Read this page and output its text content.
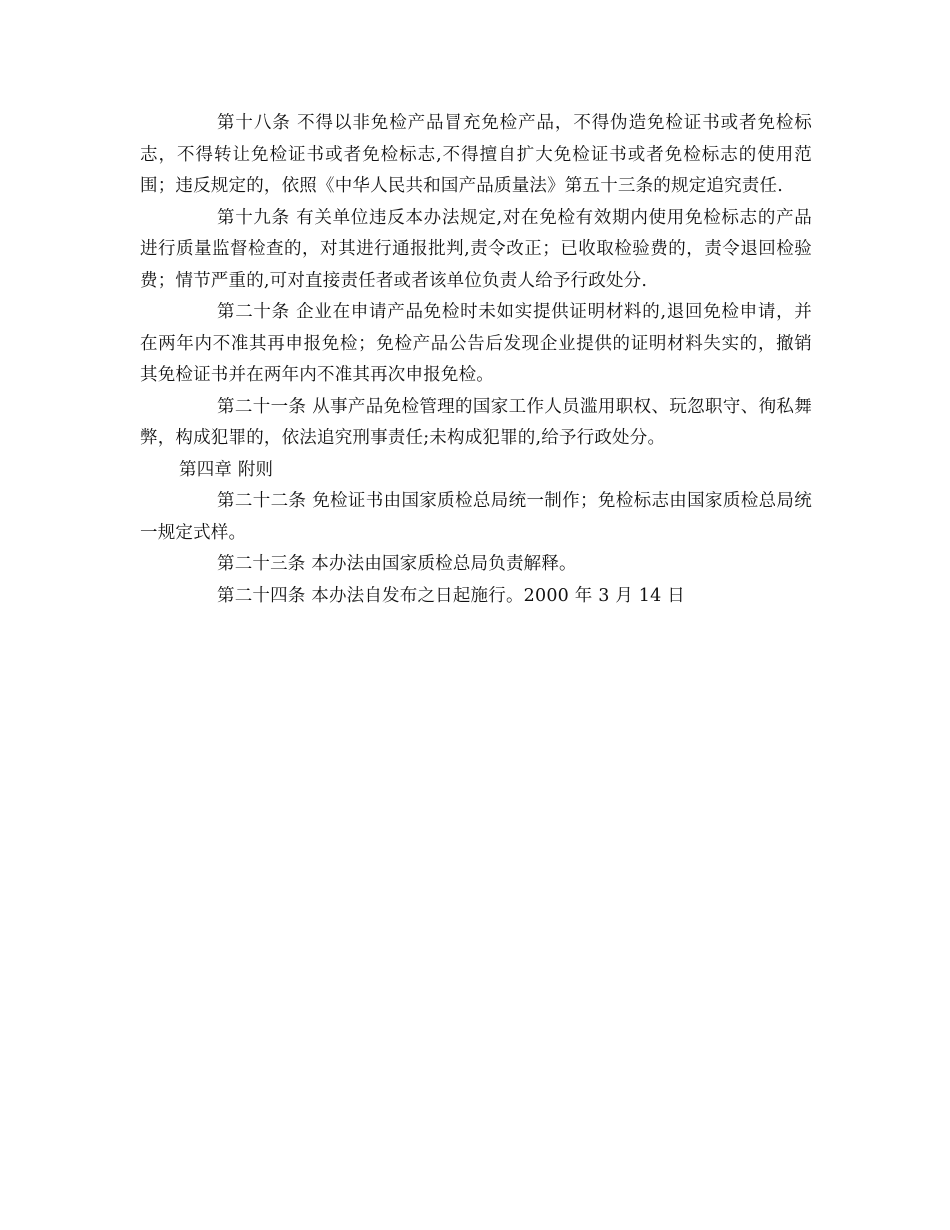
第十八条 不得以非免检产品冒充免检产品，不得伪造免检证书或者免检标志，不得转让免检证书或者免检标志,不得擅自扩大免检证书或者免检标志的使用范围；违反规定的，依照《中华人民共和国产品质量法》第五十三条的规定追究责任.

第十九条 有关单位违反本办法规定,对在免检有效期内使用免检标志的产品进行质量监督检查的，对其进行通报批判,责令改正；已收取检验费的，责令退回检验费；情节严重的,可对直接责任者或者该单位负责人给予行政处分.

第二十条 企业在申请产品免检时未如实提供证明材料的,退回免检申请，并在两年内不准其再申报免检；免检产品公告后发现企业提供的证明材料失实的，撤销其免检证书并在两年内不准其再次申报免检。

第二十一条 从事产品免检管理的国家工作人员滥用职权、玩忽职守、徇私舞弊，构成犯罪的，依法追究刑事责任;未构成犯罪的,给予行政处分。

第四章 附则

第二十二条 免检证书由国家质检总局统一制作；免检标志由国家质检总局统一规定式样。

第二十三条 本办法由国家质检总局负责解释。

第二十四条 本办法自发布之日起施行。2000 年 3 月 14 日
